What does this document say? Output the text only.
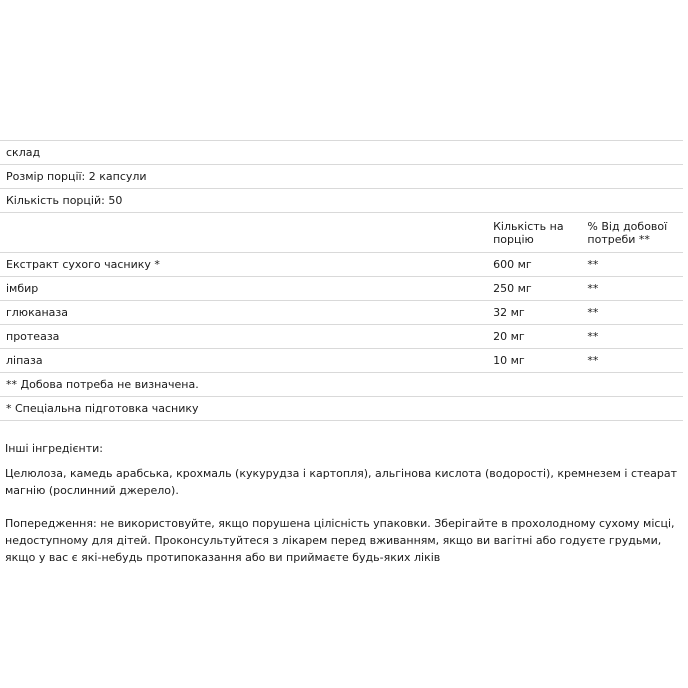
склад		
Розмір порції: 2 капсули		
Кількість порцій: 50		
	Кількість на порцію	% Від добової потреби **
Екстракт сухого часнику *	600 мг	**
імбир	250 мг	**
глюканаза	32 мг	**
протеаза	20 мг	**
ліпаза	10 мг	**
** Добова потреба не визначена.		
* Спеціальна підготовка часнику		
Інші інгредієнти:
Целюлоза, камедь арабська, крохмаль (кукурудза і картопля), альгінова кислота (водорості), кремнезем і стеарат магнію (рослинний джерело).
Попередження: не використовуйте, якщо порушена цілісність упаковки. Зберігайте в прохолодному сухому місці, недоступному для дітей. Проконсультуйтеся з лікарем перед вживанням, якщо ви вагітні або годуєте грудьми, якщо у вас є які-небудь протипоказання або ви приймаєте будь-яких ліків
